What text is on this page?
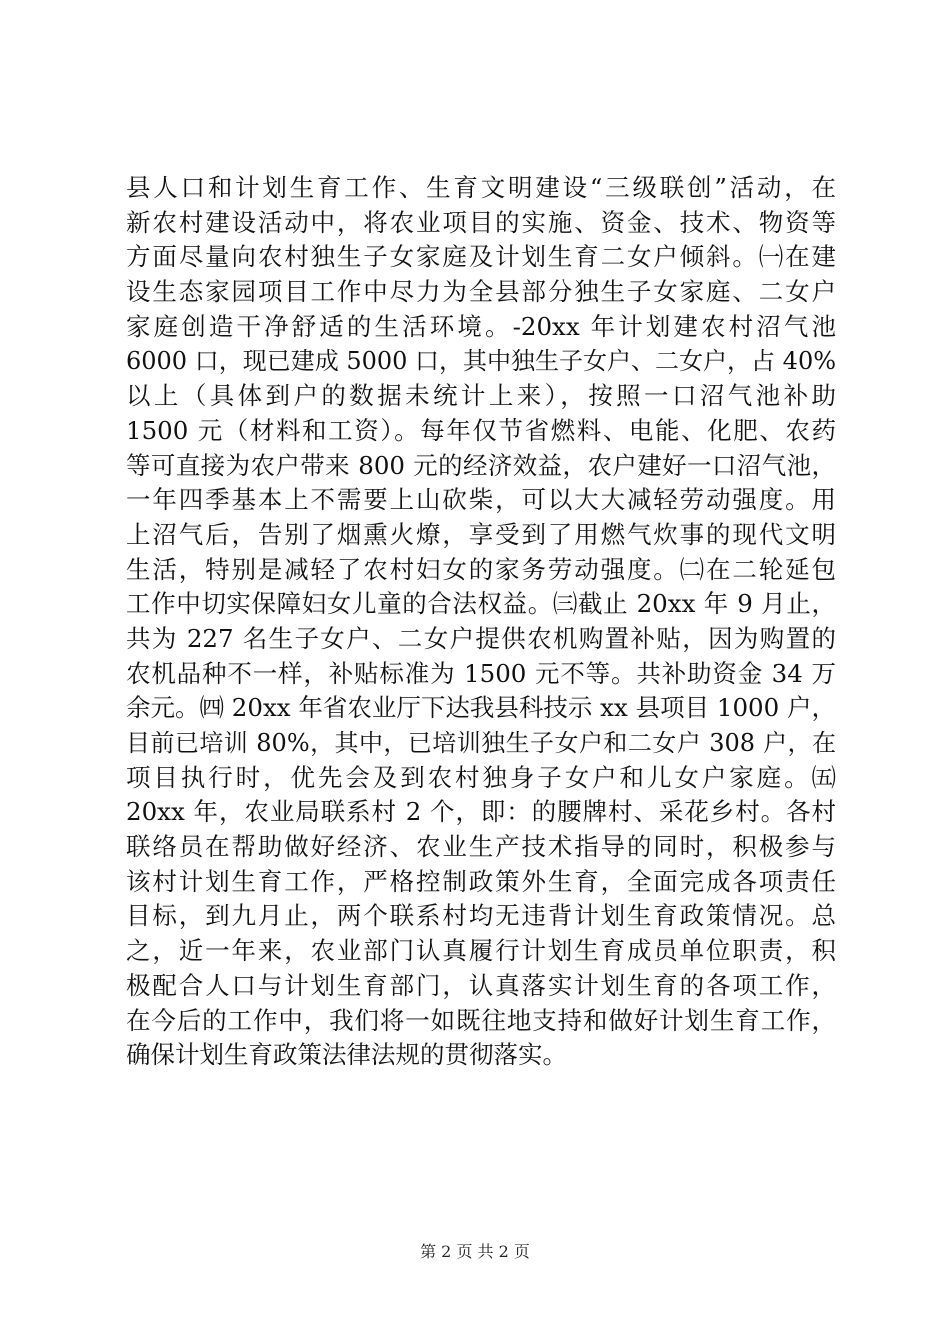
县人口和计划生育工作、生育文明建设“三级联创”活动，在
新农村建设活动中，将农业项目的实施、资金、技术、物资等
方面尽量向农村独生子女家庭及计划生育二女户倾斜。㈠在建
设生态家园项目工作中尽力为全县部分独生子女家庭、二女户
家庭创造干净舒适的生活环境。-20xx 年计划建农村沼气池
6000 口，现已建成 5000 口，其中独生子女户、二女户，占 40%
以上（具体到户的数据未统计上来），按照一口沼气池补助
1500 元（材料和工资）。每年仅节省燃料、电能、化肥、农药
等可直接为农户带来 800 元的经济效益，农户建好一口沼气池，
一年四季基本上不需要上山砍柴，可以大大减轻劳动强度。用
上沼气后，告别了烟熏火燎，享受到了用燃气炊事的现代文明
生活，特别是减轻了农村妇女的家务劳动强度。㈡在二轮延包
工作中切实保障妇女儿童的合法权益。㈢截止 20xx 年 9 月止，
共为 227 名生子女户、二女户提供农机购置补贴，因为购置的
农机品种不一样，补贴标准为 1500 元不等。共补助资金 34 万
余元。㈣ 20xx 年省农业厅下达我县科技示 xx 县项目 1000 户，
目前已培训 80%，其中，已培训独生子女户和二女户 308 户，在
项目执行时，优先会及到农村独身子女户和儿女户家庭。㈤
20xx 年，农业局联系村 2 个，即：的腰牌村、采花乡村。各村
联络员在帮助做好经济、农业生产技术指导的同时，积极参与
该村计划生育工作，严格控制政策外生育，全面完成各项责任
目标，到九月止，两个联系村均无违背计划生育政策情况。总
之，近一年来，农业部门认真履行计划生育成员单位职责，积
极配合人口与计划生育部门，认真落实计划生育的各项工作，
在今后的工作中，我们将一如既往地支持和做好计划生育工作，
确保计划生育政策法律法规的贯彻落实。
第 2 页 共 2 页
